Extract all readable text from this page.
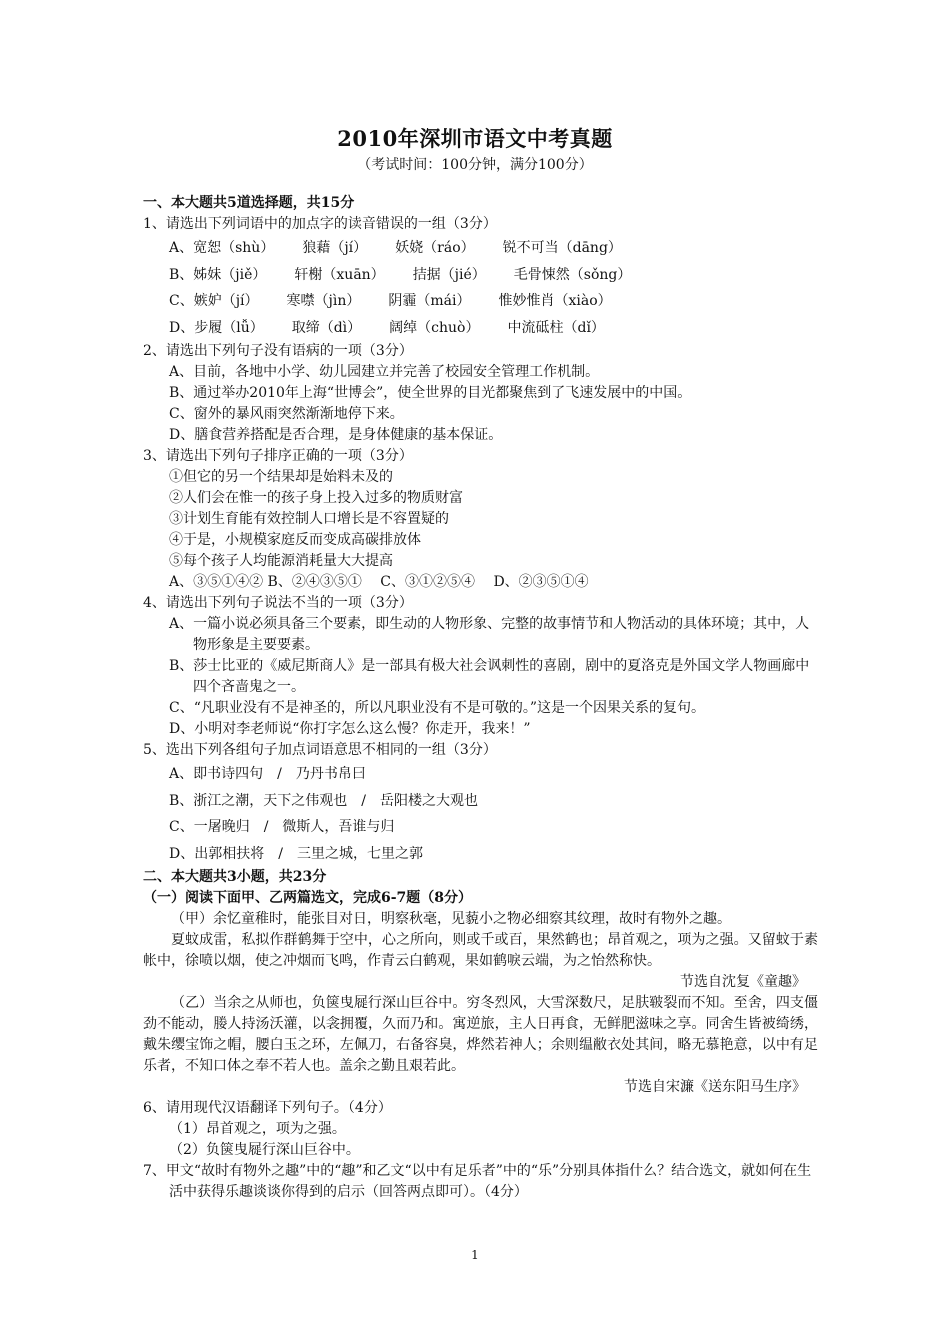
2010年深圳市语文中考真题
（考试时间：100分钟，满分100分）
一、本大题共5道选择题，共15分
1、请选出下列词语中的加点字的读音错误的一组（3分）
A、宽恕（shù） 狼藉（jí） 妖娆（ráo） 锐不可当（dāng）
B、姊妹（jiě） 轩榭（xuān） 拮据（jié） 毛骨悚然（sǒng）
C、嫉妒（jí） 寒噤（jìn） 阴霾（mái） 惟妙惟肖（xiào）
D、步履（lǚ） 取缔（dì） 阔绰（chuò） 中流砥柱（dǐ）
2、请选出下列句子没有语病的一项（3分）
A、目前，各地中小学、幼儿园建立并完善了校园安全管理工作机制。
B、通过举办2010年上海“世博会”，使全世界的目光都聚焦到了飞速发展中的中国。
C、窗外的暴风雨突然渐渐地停下来。
D、膳食营养搭配是否合理，是身体健康的基本保证。
3、请选出下列句子排序正确的一项（3分）
①但它的另一个结果却是始料未及的
②人们会在惟一的孩子身上投入过多的物质财富
③计划生育能有效控制人口增长是不容置疑的
④于是，小规模家庭反而变成高碳排放体
⑤每个孩子人均能源消耗量大大提高
A、③⑤①④② B、②④③⑤①　 C、③①②⑤④　 D、②③⑤①④
4、请选出下列句子说法不当的一项（3分）
A、一篇小说必须具备三个要素，即生动的人物形象、完整的故事情节和人物活动的具体环境；其中，人物形象是主要要素。
B、莎士比亚的《威尼斯商人》是一部具有极大社会讽刺性的喜剧，剧中的夏洛克是外国文学人物画廊中四个吝啬鬼之一。
C、“凡职业没有不是神圣的，所以凡职业没有不是可敬的。”这是一个因果关系的复句。
D、小明对李老师说“你打字怎么这么慢？你走开，我来！”
5、选出下列各组句子加点词语意思不相同的一组（3分）
A、即书诗四句　/　乃丹书帛曰
B、浙江之潮，天下之伟观也　/　岳阳楼之大观也
C、一屠晚归　/　微斯人，吾谁与归
D、出郭相扶将　/　三里之城，七里之郭
二、本大题共3小题，共23分
（一）阅读下面甲、乙两篇选文，完成6-7题（8分）
（甲）余忆童稚时，能张目对日，明察秋毫，见藐小之物必细察其纹理，故时有物外之趣。
夏蚊成雷，私拟作群鹤舞于空中，心之所向，则或千或百，果然鹤也；昂首观之，项为之强。又留蚊于素帐中，徐喷以烟，使之冲烟而飞鸣，作青云白鹤观，果如鹤唳云端，为之怡然称快。
节选自沈复《童趣》
（乙）当余之从师也，负箧曳屣行深山巨谷中。穷冬烈风，大雪深数尺，足肤皲裂而不知。至舍，四支僵劲不能动，媵人持汤沃灌，以衾拥覆，久而乃和。寓逆旅，主人日再食，无鲜肥滋味之享。同舍生皆被绮绣，戴朱缨宝饰之帽，腰白玉之环，左佩刀，右备容臭，烨然若神人；余则缊敝衣处其间，略无慕艳意，以中有足乐者，不知口体之奉不若人也。盖余之勤且艰若此。
节选自宋濂《送东阳马生序》
6、请用现代汉语翻译下列句子。（4分）
（1）昂首观之，项为之强。
（2）负箧曳屣行深山巨谷中。
7、甲文“故时有物外之趣”中的“趣”和乙文“以中有足乐者”中的“乐”分别具体指什么？结合选文，就如何在生活中获得乐趣谈谈你得到的启示（回答两点即可）。（4分）
1
